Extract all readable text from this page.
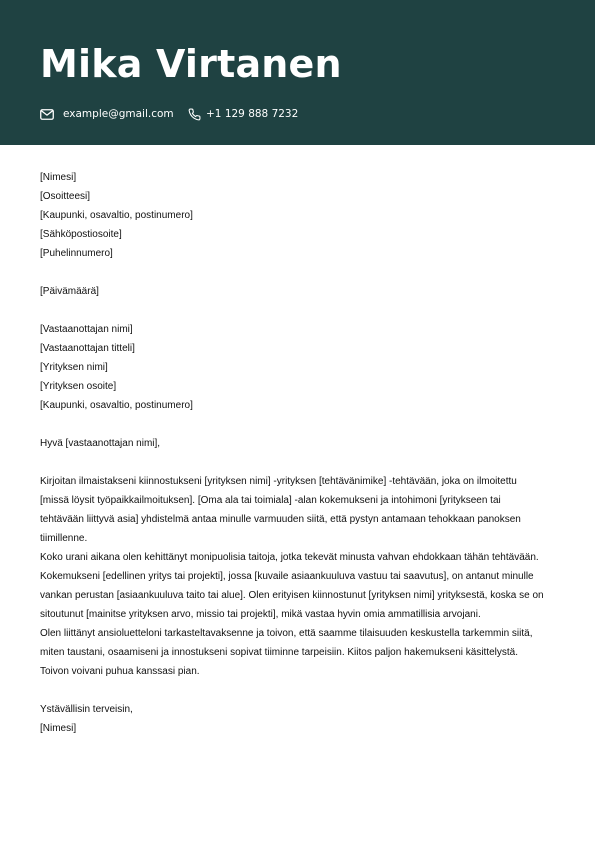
Mika Virtanen
example@gmail.com	+1 129 888 7232
[Nimesi]
[Osoitteesi]
[Kaupunki, osavaltio, postinumero]
[Sähköpostiosoite]
[Puhelinnumero]
[Päivämäärä]
[Vastaanottajan nimi]
[Vastaanottajan titteli]
[Yrityksen nimi]
[Yrityksen osoite]
[Kaupunki, osavaltio, postinumero]
Hyvä [vastaanottajan nimi],
Kirjoitan ilmaistakseni kiinnostukseni [yrityksen nimi] -yrityksen [tehtävänimike] -tehtävään, joka on ilmoitettu
[missä löysit työpaikkailmoituksen]. [Oma ala tai toimiala] -alan kokemukseni ja intohimoni [yritykseen tai
tehtävään liittyvä asia] yhdistelmä antaa minulle varmuuden siitä, että pystyn antamaan tehokkaan panoksen
tiimillenne.
Koko urani aikana olen kehittänyt monipuolisia taitoja, jotka tekevät minusta vahvan ehdokkaan tähän tehtävään.
Kokemukseni [edellinen yritys tai projekti], jossa [kuvaile asiaankuuluva vastuu tai saavutus], on antanut minulle
vankan perustan [asiaankuuluva taito tai alue]. Olen erityisen kiinnostunut [yrityksen nimi] yrityksestä, koska se on
sitoutunut [mainitse yrityksen arvo, missio tai projekti], mikä vastaa hyvin omia ammatillisia arvojani.
Olen liittänyt ansioluetteloni tarkasteltavaksenne ja toivon, että saamme tilaisuuden keskustella tarkemmin siitä,
miten taustani, osaamiseni ja innostukseni sopivat tiiminne tarpeisiin. Kiitos paljon hakemukseni käsittelystä.
Toivon voivani puhua kanssasi pian.
Ystävällisin terveisin,
[Nimesi]
